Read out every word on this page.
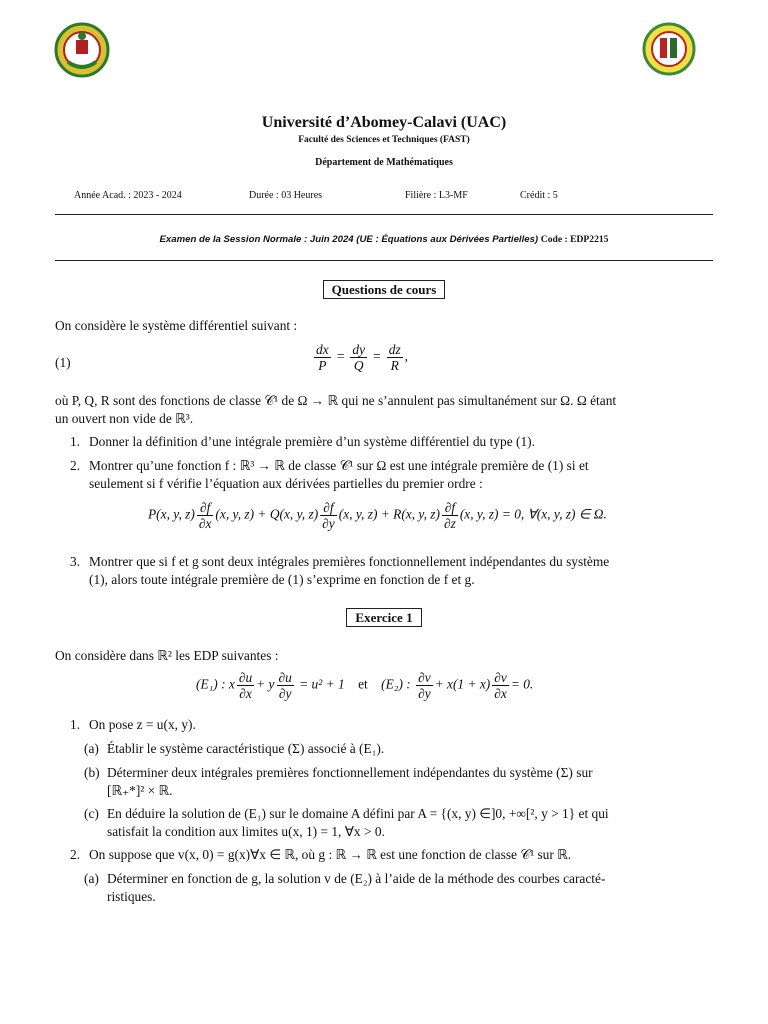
Université d’Abomey-Calavi (UAC)
Faculté des Sciences et Techniques (FAST)
Département de Mathématiques
Année Acad. : 2023 - 2024	Durée : 03 Heures	Filière : L3-MF	Crédit : 5
Examen de la Session Normale : Juin 2024 (UE : Équations aux Dérivées Partielles) Code : EDP2215
Questions de cours
On considère le système différentiel suivant :
(1)	$\frac{dx}{P} = \frac{dy}{Q} = \frac{dz}{R}$ ,
où P, Q, R sont des fonctions de classe 𝒞¹ de Ω → ℝ qui ne s’annulent pas simultanément sur Ω. Ω étant
un ouvert non vide de ℝ³.
1. Donner la définition d’une intégrale première d’un système différentiel du type (1).
2. Montrer qu’une fonction f : ℝ³ → ℝ de classe 𝒞¹ sur Ω est une intégrale première de (1) si et
seulement si f vérifie l’équation aux dérivées partielles du premier ordre :
P(x, y, $z) \frac{\partial f}{\partial x} (x$, y, z) + Q(x, y, $z) \frac{\partial f}{\partial y} (x$, y, z) + R(x, y, $z) \frac{\partial f}{\partial z} (x$, y, z) = 0, ∀(x, y, z) ∈ Ω.
3. Montrer que si f et g sont deux intégrales premières fonctionnellement indépendantes du système
(1), alors toute intégrale première de (1) s’exprime en fonction de f et g.
Exercice 1
On considère dans ℝ² les EDP suivantes :
(E₁) : x $\frac{\partial u}{\partial x} + y \frac{\partial u}{\partial y} = u^2 + 1$ et (E₂) : $\frac{\partial v}{\partial y} + x(1 + x) \frac{\partial v}{\partial x} = 0$.
1. On pose z = u(x, y).
(a) Établir le système caractéristique (Σ) associé à (E₁).
(b) Déterminer deux intégrales premières fonctionnellement indépendantes du système (Σ) sur
[ℝ₊*]² × ℝ.
(c) En déduire la solution de (E₁) sur le domaine A défini par A = {(x, y) ∈]0, +∞[², y > 1} et qui
satisfait la condition aux limites u(x, 1) = 1, ∀x > 0.
2. On suppose que v(x, 0) = g(x)∀x ∈ ℝ, où g : ℝ → ℝ est une fonction de classe 𝒞¹ sur ℝ.
(a) Déterminer en fonction de g, la solution v de (E₂) à l’aide de la méthode des courbes caracté-
ristiques.
